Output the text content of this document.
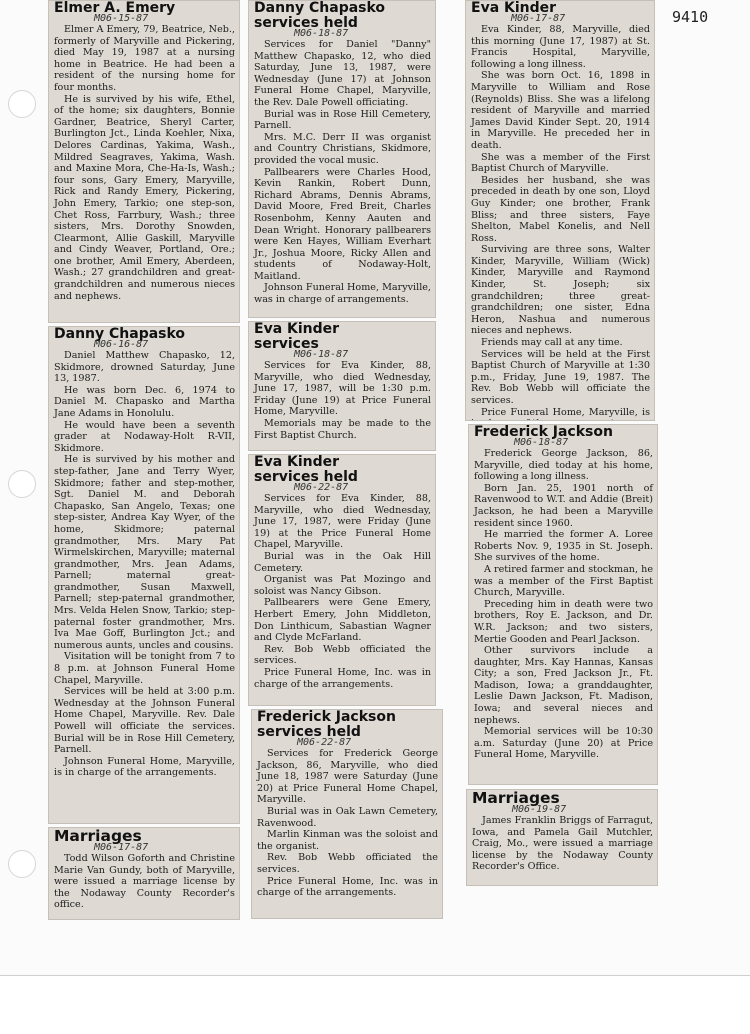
9410
Elmer A. Emery
M06-15-87

Elmer A Emery, 79, Beatrice, Neb., formerly of Maryville and Pickering, died May 19, 1987 at a nursing home in Beatrice. He had been a resident of the nursing home for four months.

He is survived by his wife, Ethel, of the home; six daughters, Bonnie Gardner, Beatrice, Sheryl Carter, Burlington Jct., Linda Koehler, Nixa, Delores Cardinas, Yakima, Wash., Mildred Seagraves, Yakima, Wash. and Maxine Mora, Che-Ha-Is, Wash.; four sons, Gary Emery, Maryville, Rick and Randy Emery, Pickering, John Emery, Tarkio; one step-son, Chet Ross, Farrbury, Wash.; three sisters, Mrs. Dorothy Snowden, Clearmont, Allie Gaskill, Maryville and Cindy Weaver, Portland, Ore.; one brother, Amil Emery, Aberdeen, Wash.; 27 grandchildren and great-grandchildren and numerous nieces and nephews.

Danny Chapasko
M06-16-87

Daniel Matthew Chapasko, 12, Skidmore, drowned Saturday, June 13, 1987.

He was born Dec. 6, 1974 to Daniel M. Chapasko and Martha Jane Adams in Honolulu.

He would have been a seventh grader at Nodaway-Holt R-VII, Skidmore.

He is survived by his mother and step-father, Jane and Terry Wyer, Skidmore; father and step-mother, Sgt. Daniel M. and Deborah Chapasko, San Angelo, Texas; one step-sister, Andrea Kay Wyer, of the home, Skidmore; paternal grandmother, Mrs. Mary Pat Wirmelskirchen, Maryville; maternal grandmother, Mrs. Jean Adams, Parnell; maternal great-grandmother, Susan Maxwell, Parnell; step-paternal grandmother, Mrs. Velda Helen Snow, Tarkio; step-paternal foster grandmother, Mrs. Iva Mae Goff, Burlington Jct.; and numerous aunts, uncles and cousins.

Visitation will be tonight from 7 to 8 p.m. at Johnson Funeral Home Chapel, Maryville.

Services will be held at 3:00 p.m. Wednesday at the Johnson Funeral Home Chapel, Maryville. Rev. Dale Powell will officiate the services. Burial will be in Rose Hill Cemetery, Parnell.

Johnson Funeral Home, Maryville, is in charge of the arrangements.

Marriages
M06-17-87

Todd Wilson Goforth and Christine Marie Van Gundy, both of Maryville, were issued a marriage license by the Nodaway County Recorder's office.

Danny Chapasko
services held
M06-18-87

Services for Daniel "Danny" Matthew Chapasko, 12, who died Saturday, June 13, 1987, were Wednesday (June 17) at Johnson Funeral Home Chapel, Maryville, the Rev. Dale Powell officiating.

Burial was in Rose Hill Cemetery, Parnell.

Mrs. M.C. Derr II was organist and Country Christians, Skidmore, provided the vocal music.

Pallbearers were Charles Hood, Kevin Rankin, Robert Dunn, Richard Abrams, Dennis Abrams, David Moore, Fred Breit, Charles Rosenbohm, Kenny Aauten and Dean Wright. Honorary pallbearers were Ken Hayes, William Everhart Jr., Joshua Moore, Ricky Allen and students of Nodaway-Holt, Maitland.

Johnson Funeral Home, Maryville, was in charge of arrangements.

Eva Kinder
services
M06-18-87

Services for Eva Kinder, 88, Maryville, who died Wednesday, June 17, 1987, will be 1:30 p.m. Friday (June 19) at Price Funeral Home, Maryville.

Memorials may be made to the First Baptist Church.

Eva Kinder
services held
M06-22-87

Services for Eva Kinder, 88, Maryville, who died Wednesday, June 17, 1987, were Friday (June 19) at the Price Funeral Home Chapel, Maryville.

Burial was in the Oak Hill Cemetery.

Organist was Pat Mozingo and soloist was Nancy Gibson.

Pallbearers were Gene Emery, Herbert Emery, John Middleton, Don Linthicum, Sabastian Wagner and Clyde McFarland.

Rev. Bob Webb officiated the services.

Price Funeral Home, Inc. was in charge of the arrangements.

Frederick Jackson
services held
M06-22-87

Services for Frederick George Jackson, 86, Maryville, who died June 18, 1987 were Saturday (June 20) at Price Funeral Home Chapel, Maryville.

Burial was in Oak Lawn Cemetery, Ravenwood.

Marlin Kinman was the soloist and the organist.

Rev. Bob Webb officiated the services.

Price Funeral Home, Inc. was in charge of the arrangements.

Eva Kinder
M06-17-87

Eva Kinder, 88, Maryville, died this morning (June 17, 1987) at St. Francis Hospital, Maryville, following a long illness.

She was born Oct. 16, 1898 in Maryville to William and Rose (Reynolds) Bliss. She was a lifelong resident of Maryville and married James David Kinder Sept. 20, 1914 in Maryville. He preceded her in death.

She was a member of the First Baptist Church of Maryville.

Besides her husband, she was preceded in death by one son, Lloyd Guy Kinder; one brother, Frank Bliss; and three sisters, Faye Shelton, Mabel Konelis, and Nell Ross.

Surviving are three sons, Walter Kinder, Maryville, William (Wick) Kinder, Maryville and Raymond Kinder, St. Joseph; six grandchildren; three great-grandchildren; one sister, Edna Heron, Nashua and numerous nieces and nephews.

Friends may call at any time.

Services will be held at the First Baptist Church of Maryville at 1:30 p.m., Friday, June 19, 1987. The Rev. Bob Webb will officiate the services.

Price Funeral Home, Maryville, is

Frederick Jackson
M06-18-87

Frederick George Jackson, 86, Maryville, died today at his home, following a long illness.

Born Jan. 25, 1901 north of Ravenwood to W.T. and Addie (Breit) Jackson, he had been a Maryville resident since 1960.

He married the former A. Loree Roberts Nov. 9, 1935 in St. Joseph. She survives of the home.

A retired farmer and stockman, he was a member of the First Baptist Church, Maryville.

Preceding him in death were two brothers, Roy E. Jackson, and Dr. W.R. Jackson; and two sisters, Mertie Gooden and Pearl Jackson.

Other survivors include a daughter, Mrs. Kay Hannas, Kansas City; a son, Fred Jackson Jr., Ft. Madison, Iowa; a granddaughter, Leslie Dawn Jackson, Ft. Madison, Iowa; and several nieces and nephews.

Memorial services will be 10:30 a.m. Saturday (June 20) at Price Funeral Home, Maryville.

Marriages
M06-19-87

James Franklin Briggs of Farragut, Iowa, and Pamela Gail Mutchler, Craig, Mo., were issued a marriage license by the Nodaway County Recorder's Office.
